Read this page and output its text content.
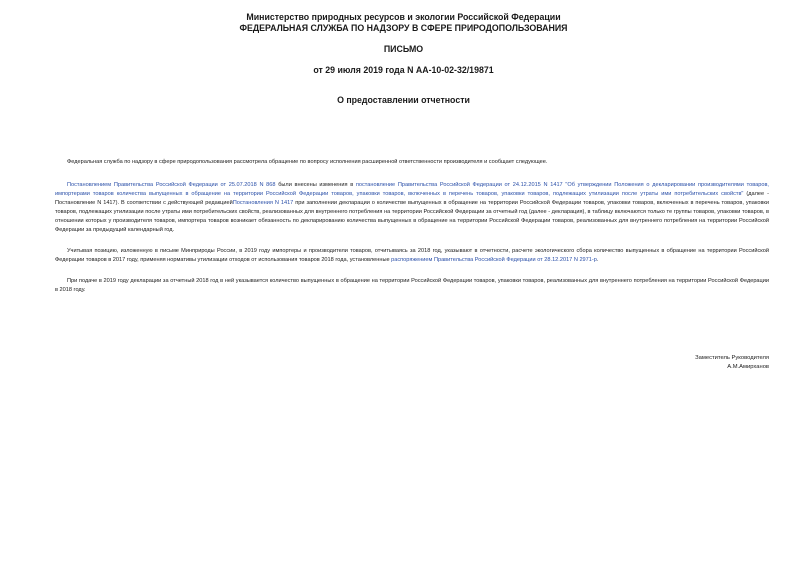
Министерство природных ресурсов и экологии Российской Федерации
ФЕДЕРАЛЬНАЯ СЛУЖБА ПО НАДЗОРУ В СФЕРЕ ПРИРОДОПОЛЬЗОВАНИЯ
ПИСЬМО
от 29 июля 2019 года N АА-10-02-32/19871
О предоставлении отчетности

Федеральная служба по надзору в сфере природопользования рассмотрела обращение по вопросу исполнения расширенной ответственности производителя и сообщает следующее.

Постановлением Правительства Российской Федерации от 25.07.2018 N 868 были внесены изменения в постановление Правительства Российской Федерации от 24.12.2015 N 1417 "Об утверждении Положения о декларировании производителями товаров, импортерами товаров количества выпущенных в обращение на территории Российской Федерации товаров, упаковки товаров, включенных в перечень товаров, упаковки товаров, подлежащих утилизации после утраты ими потребительских свойств" (далее - Постановление N 1417). В соответствии с действующей редакциейПостановления N 1417 при заполнении декларации о количестве выпущенных в обращение на территории Российской Федерации товаров, упаковки товаров, включенных в перечень товаров, упаковки товаров, подлежащих утилизации после утраты ими потребительских свойств, реализованных для внутреннего потребления на территории Российской Федерации за отчетный год (далее - декларация), в таблицу включаются только те группы товаров, упаковки товаров, в отношении которых у производителя товаров, импортера товаров возникает обязанность по декларированию количества выпущенных в обращение на территории Российской Федерации товаров, реализованных для внутреннего потребления на территории Российской Федерации за предыдущий календарный год.

Учитывая позицию, изложенную в письме Минприроды России, в 2019 году импортеры и производители товаров, отчитываясь за 2018 год, указывают в отчетности, расчете экологического сбора количество выпущенных в обращение на территории Российской Федерации товаров в 2017 году, применяя нормативы утилизации отходов от использования товаров 2018 года, установленные распоряжением Правительства Российской Федерации от 28.12.2017 N 2971-р.

При подаче в 2019 году декларации за отчетный 2018 год в ней указывается количество выпущенных в обращение на территории Российской Федерации товаров, упаковки товаров, реализованных для внутреннего потребления на территории Российской Федерации в 2018 году.

Заместитель Руководителя
А.М.Амирханов
